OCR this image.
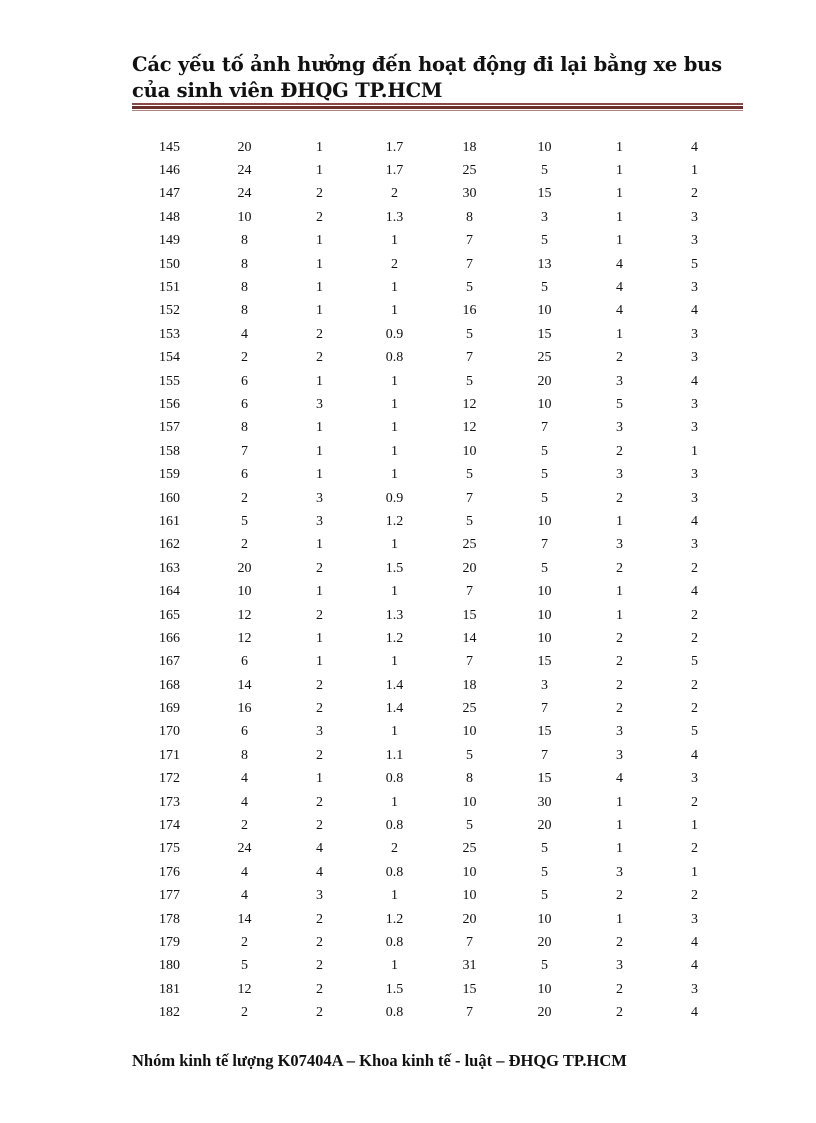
Các yếu tố ảnh hưởng đến hoạt động đi lại bằng xe bus của sinh viên ĐHQG TP.HCM
145	20	1	1.7	18	10	1	4
146	24	1	1.7	25	5	1	1
147	24	2	2	30	15	1	2
148	10	2	1.3	8	3	1	3
149	8	1	1	7	5	1	3
150	8	1	2	7	13	4	5
151	8	1	1	5	5	4	3
152	8	1	1	16	10	4	4
153	4	2	0.9	5	15	1	3
154	2	2	0.8	7	25	2	3
155	6	1	1	5	20	3	4
156	6	3	1	12	10	5	3
157	8	1	1	12	7	3	3
158	7	1	1	10	5	2	1
159	6	1	1	5	5	3	3
160	2	3	0.9	7	5	2	3
161	5	3	1.2	5	10	1	4
162	2	1	1	25	7	3	3
163	20	2	1.5	20	5	2	2
164	10	1	1	7	10	1	4
165	12	2	1.3	15	10	1	2
166	12	1	1.2	14	10	2	2
167	6	1	1	7	15	2	5
168	14	2	1.4	18	3	2	2
169	16	2	1.4	25	7	2	2
170	6	3	1	10	15	3	5
171	8	2	1.1	5	7	3	4
172	4	1	0.8	8	15	4	3
173	4	2	1	10	30	1	2
174	2	2	0.8	5	20	1	1
175	24	4	2	25	5	1	2
176	4	4	0.8	10	5	3	1
177	4	3	1	10	5	2	2
178	14	2	1.2	20	10	1	3
179	2	2	0.8	7	20	2	4
180	5	2	1	31	5	3	4
181	12	2	1.5	15	10	2	3
182	2	2	0.8	7	20	2	4
Nhóm kinh tế lượng K07404A – Khoa kinh tế - luật – ĐHQG TP.HCM
